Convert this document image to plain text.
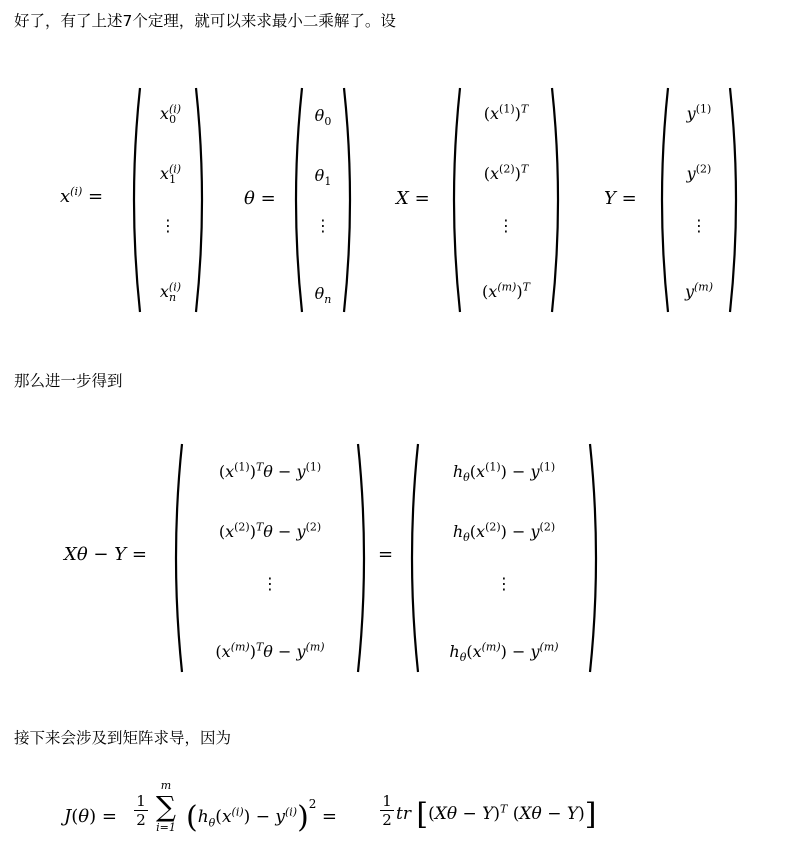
好了，有了上述7个定理，就可以来求最小二乘解了。设
$x^{(i)}$ =
$x^{(i)}_0$
$x^{(i)}_1$
⋮
$x^{(i)}_n$
θ =
$\theta_0$
$\theta_1$
⋮
$\theta_n$
X =
$(x^{(1)})^T$
$(x^{(2)})^T$
⋮
$(x^{(m)})^T$
Y =
$y^{(1)}$
$y^{(2)}$
⋮
$y^{(m)}$
那么进一步得到
Xθ − Y =
$(x^{(1)})^T\theta - y^{(1)}$
$(x^{(2)})^T\theta - y^{(2)}$
⋮
$(x^{(m)})^T\theta - y^{(m)}$
=
$h_\theta(x^{(1)}) - y^{(1)}$
$h_\theta(x^{(2)}) - y^{(2)}$
⋮
$h_\theta(x^{(m)}) - y^{(m)}$
接下来会涉及到矩阵求导，因为
J(θ) =
1
2
m
∑
i=1 $(h_\theta(x^{(i)}) - y^{(i)})^2$ =
1
2 tr [$(X\theta - Y)^T$ (Xθ − Y)]
